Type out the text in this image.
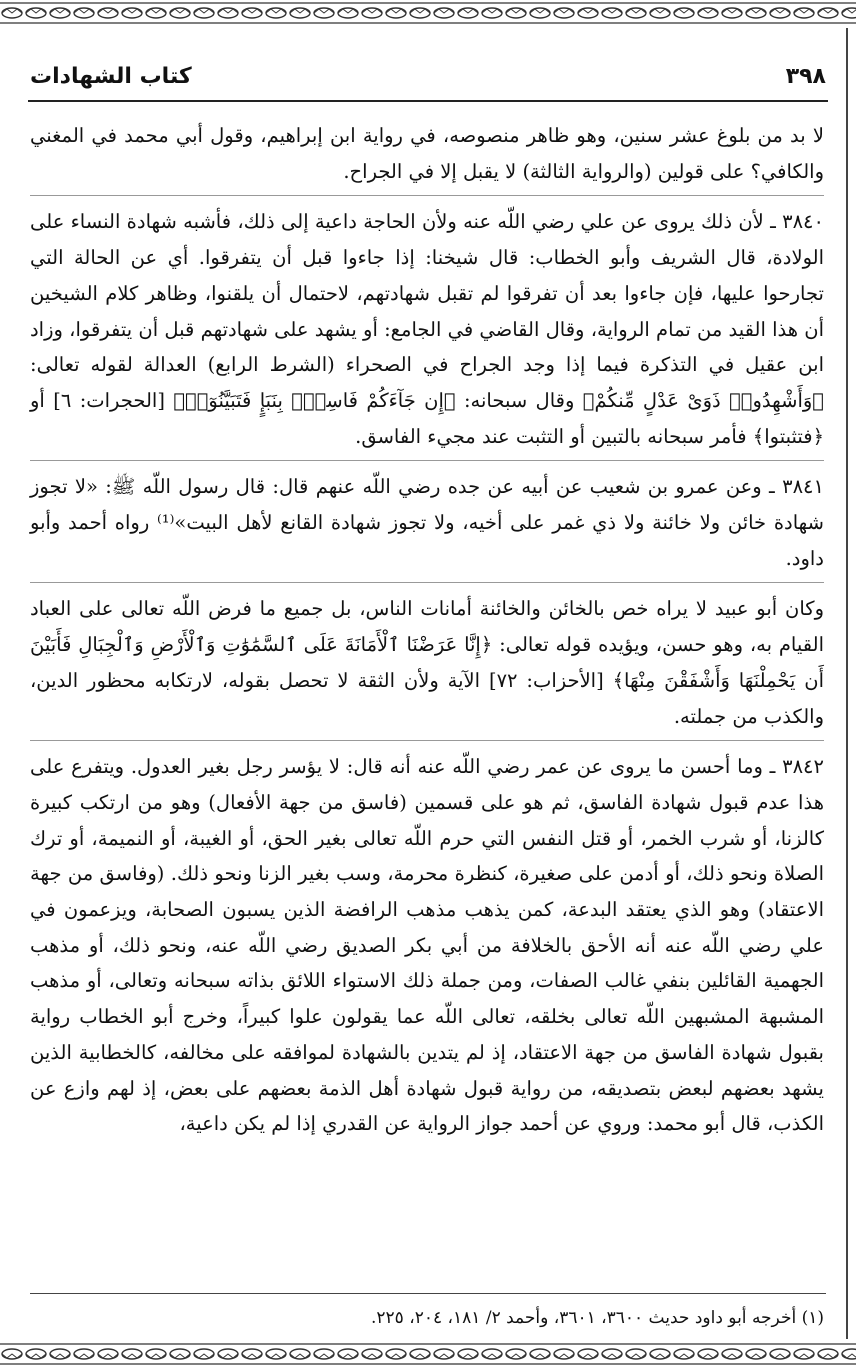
٣٩٨
كتاب الشهادات

لا بد من بلوغ عشر سنين، وهو ظاهر منصوصه، في رواية ابن إبراهيم، وقول أبي محمد في المغني والكافي؟ على قولين (والرواية الثالثة) لا يقبل إلا في الجراح.

٣٨٤٠ ـ لأن ذلك يروى عن علي رضي اللّه عنه ولأن الحاجة داعية إلى ذلك، فأشبه شهادة النساء على الولادة، قال الشريف وأبو الخطاب: قال شيخنا: إذا جاءوا قبل أن يتفرقوا. أي عن الحالة التي تجارحوا عليها، فإن جاءوا بعد أن تفرقوا لم تقبل شهادتهم، لاحتمال أن يلقنوا، وظاهر كلام الشيخين أن هذا القيد من تمام الرواية، وقال القاضي في الجامع: أو يشهد على شهادتهم قبل أن يتفرقوا، وزاد ابن عقيل في التذكرة فيما إذا وجد الجراح في الصحراء (الشرط الرابع) العدالة لقوله تعالى: ﴿وَأَشْهِدُوا۟ ذَوَىْ عَدْلٍ مِّنكُمْ﴾ وقال سبحانه: ﴿إِن جَآءَكُمْ فَاسِقٌۢ بِنَبَإٍ فَتَبَيَّنُوٓا۟﴾ [الحجرات: ٦] أو ﴿فتثبتوا﴾ فأمر سبحانه بالتبين أو التثبت عند مجيء الفاسق.

٣٨٤١ ـ وعن عمرو بن شعيب عن أبيه عن جده رضي اللّه عنهم قال: قال رسول اللّه ﷺ: «لا تجوز شهادة خائن ولا خائنة ولا ذي غمر على أخيه، ولا تجوز شهادة القانع لأهل البيت»⁽¹⁾ رواه أحمد وأبو داود.

وكان أبو عبيد لا يراه خص بالخائن والخائنة أمانات الناس، بل جميع ما فرض اللّه تعالى على العباد القيام به، وهو حسن، ويؤيده قوله تعالى: ﴿إِنَّا عَرَضْنَا ٱلْأَمَانَةَ عَلَى ٱلسَّمَٰوَٰتِ وَٱلْأَرْضِ وَٱلْجِبَالِ فَأَبَيْنَ أَن يَحْمِلْنَهَا وَأَشْفَقْنَ مِنْهَا﴾ [الأحزاب: ٧٢] الآية ولأن الثقة لا تحصل بقوله، لارتكابه محظور الدين، والكذب من جملته.

٣٨٤٢ ـ وما أحسن ما يروى عن عمر رضي اللّه عنه أنه قال: لا يؤسر رجل بغير العدول. ويتفرع على هذا عدم قبول شهادة الفاسق، ثم هو على قسمين (فاسق من جهة الأفعال) وهو من ارتكب كبيرة كالزنا، أو شرب الخمر، أو قتل النفس التي حرم اللّه تعالى بغير الحق، أو الغيبة، أو النميمة، أو ترك الصلاة ونحو ذلك، أو أدمن على صغيرة، كنظرة محرمة، وسب بغير الزنا ونحو ذلك. (وفاسق من جهة الاعتقاد) وهو الذي يعتقد البدعة، كمن يذهب مذهب الرافضة الذين يسبون الصحابة، ويزعمون في علي رضي اللّه عنه أنه الأحق بالخلافة من أبي بكر الصديق رضي اللّه عنه، ونحو ذلك، أو مذهب الجهمية القائلين بنفي غالب الصفات، ومن جملة ذلك الاستواء اللائق بذاته سبحانه وتعالى، أو مذهب المشبهة المشبهين اللّه تعالى بخلقه، تعالى اللّه عما يقولون علوا كبيراً، وخرج أبو الخطاب رواية بقبول شهادة الفاسق من جهة الاعتقاد، إذ لم يتدين بالشهادة لموافقه على مخالفه، كالخطابية الذين يشهد بعضهم لبعض بتصديقه، من رواية قبول شهادة أهل الذمة بعضهم على بعض، إذ لهم وازع عن الكذب، قال أبو محمد: وروي عن أحمد جواز الرواية عن القدري إذا لم يكن داعية،

(١) أخرجه أبو داود حديث ٣٦٠٠، ٣٦٠١، وأحمد ٢/ ١٨١، ٢٠٤، ٢٢٥.
